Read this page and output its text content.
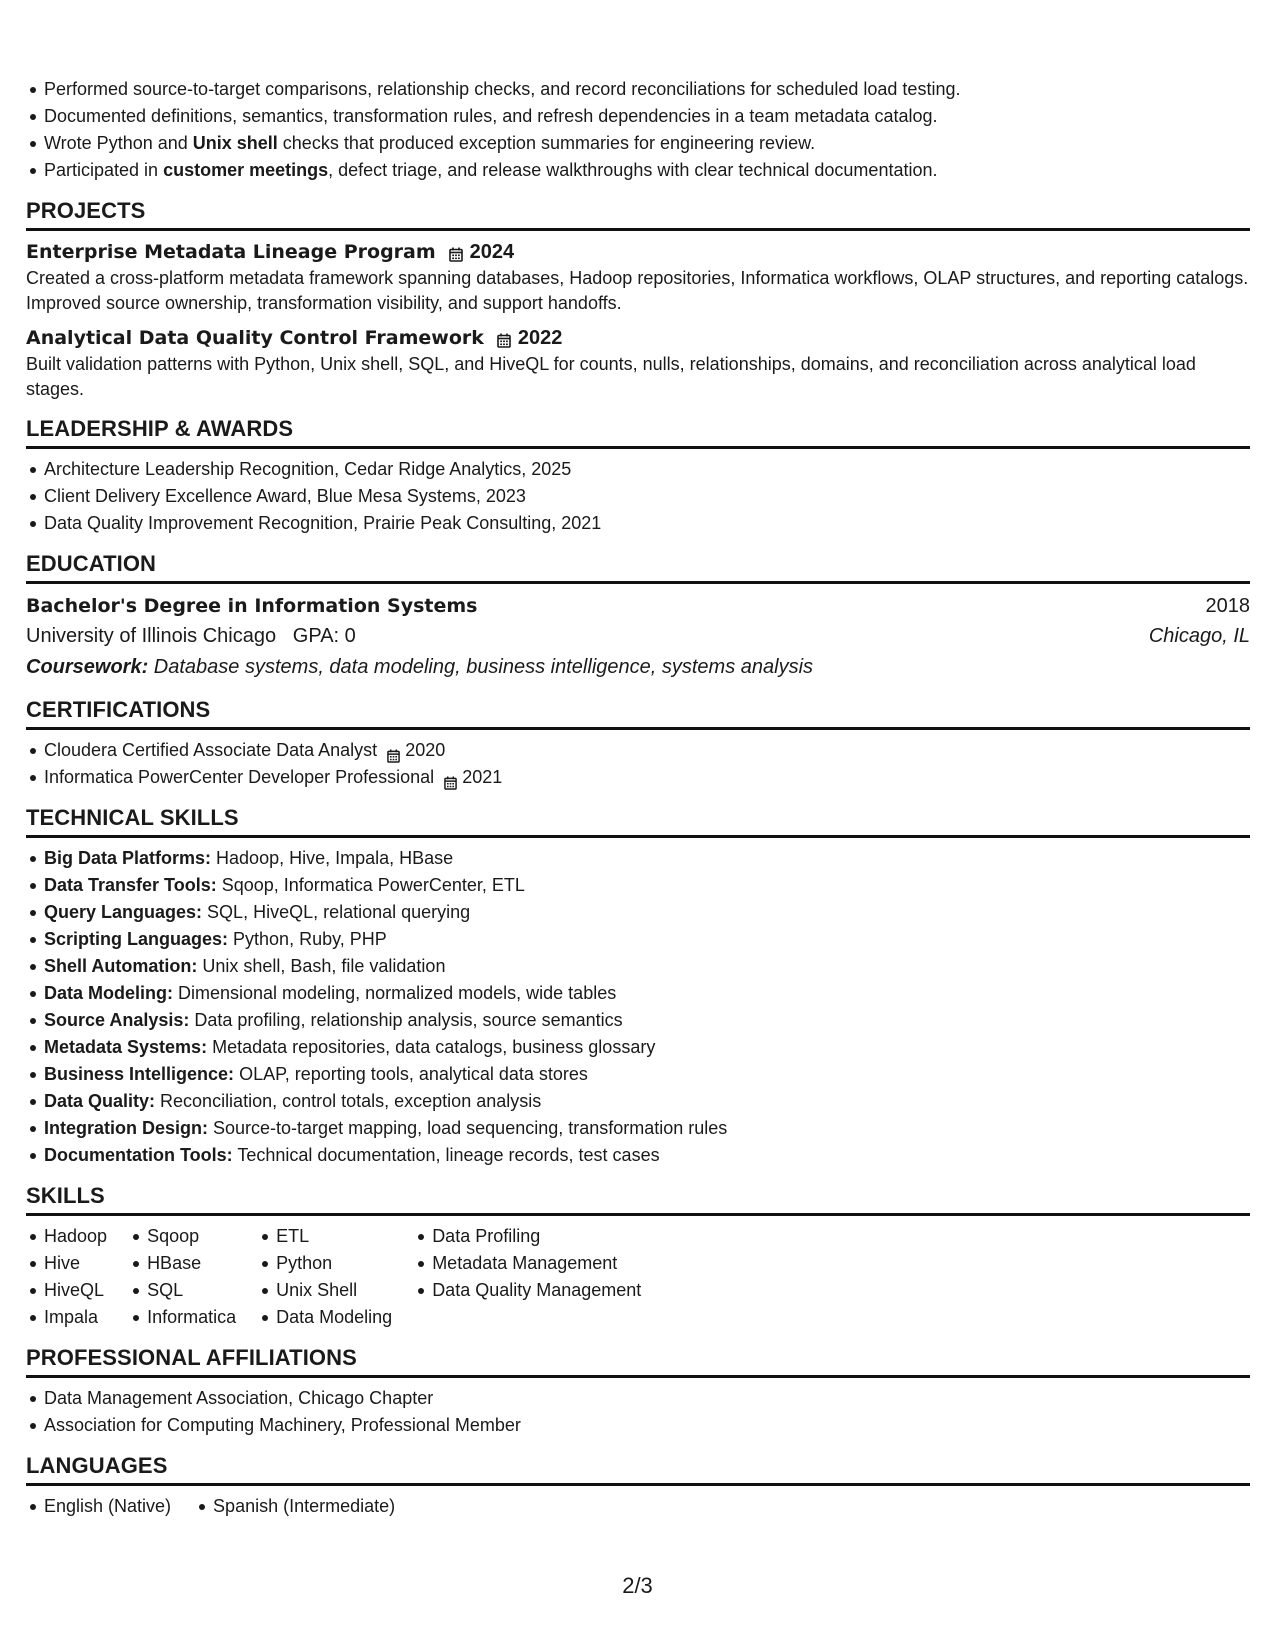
Performed source-to-target comparisons, relationship checks, and record reconciliations for scheduled load testing.
Documented definitions, semantics, transformation rules, and refresh dependencies in a team metadata catalog.
Wrote Python and Unix shell checks that produced exception summaries for engineering review.
Participated in customer meetings, defect triage, and release walkthroughs with clear technical documentation.
PROJECTS
Enterprise Metadata Lineage Program 2024
Created a cross-platform metadata framework spanning databases, Hadoop repositories, Informatica workflows, OLAP structures, and reporting catalogs. Improved source ownership, transformation visibility, and support handoffs.
Analytical Data Quality Control Framework 2022
Built validation patterns with Python, Unix shell, SQL, and HiveQL for counts, nulls, relationships, domains, and reconciliation across analytical load stages.
LEADERSHIP & AWARDS
Architecture Leadership Recognition, Cedar Ridge Analytics, 2025
Client Delivery Excellence Award, Blue Mesa Systems, 2023
Data Quality Improvement Recognition, Prairie Peak Consulting, 2021
EDUCATION
Bachelor's Degree in Information Systems	2018
University of Illinois Chicago GPA: 0	Chicago, IL
Coursework: Database systems, data modeling, business intelligence, systems analysis
CERTIFICATIONS
Cloudera Certified Associate Data Analyst 2020
Informatica PowerCenter Developer Professional 2021
TECHNICAL SKILLS
Big Data Platforms: Hadoop, Hive, Impala, HBase
Data Transfer Tools: Sqoop, Informatica PowerCenter, ETL
Query Languages: SQL, HiveQL, relational querying
Scripting Languages: Python, Ruby, PHP
Shell Automation: Unix shell, Bash, file validation
Data Modeling: Dimensional modeling, normalized models, wide tables
Source Analysis: Data profiling, relationship analysis, source semantics
Metadata Systems: Metadata repositories, data catalogs, business glossary
Business Intelligence: OLAP, reporting tools, analytical data stores
Data Quality: Reconciliation, control totals, exception analysis
Integration Design: Source-to-target mapping, load sequencing, transformation rules
Documentation Tools: Technical documentation, lineage records, test cases
SKILLS
Hadoop
Hive
HiveQL
Impala
Sqoop
HBase
SQL
Informatica
ETL
Python
Unix Shell
Data Modeling
Data Profiling
Metadata Management
Data Quality Management
PROFESSIONAL AFFILIATIONS
Data Management Association, Chicago Chapter
Association for Computing Machinery, Professional Member
LANGUAGES
English (Native) Spanish (Intermediate)
2/3
